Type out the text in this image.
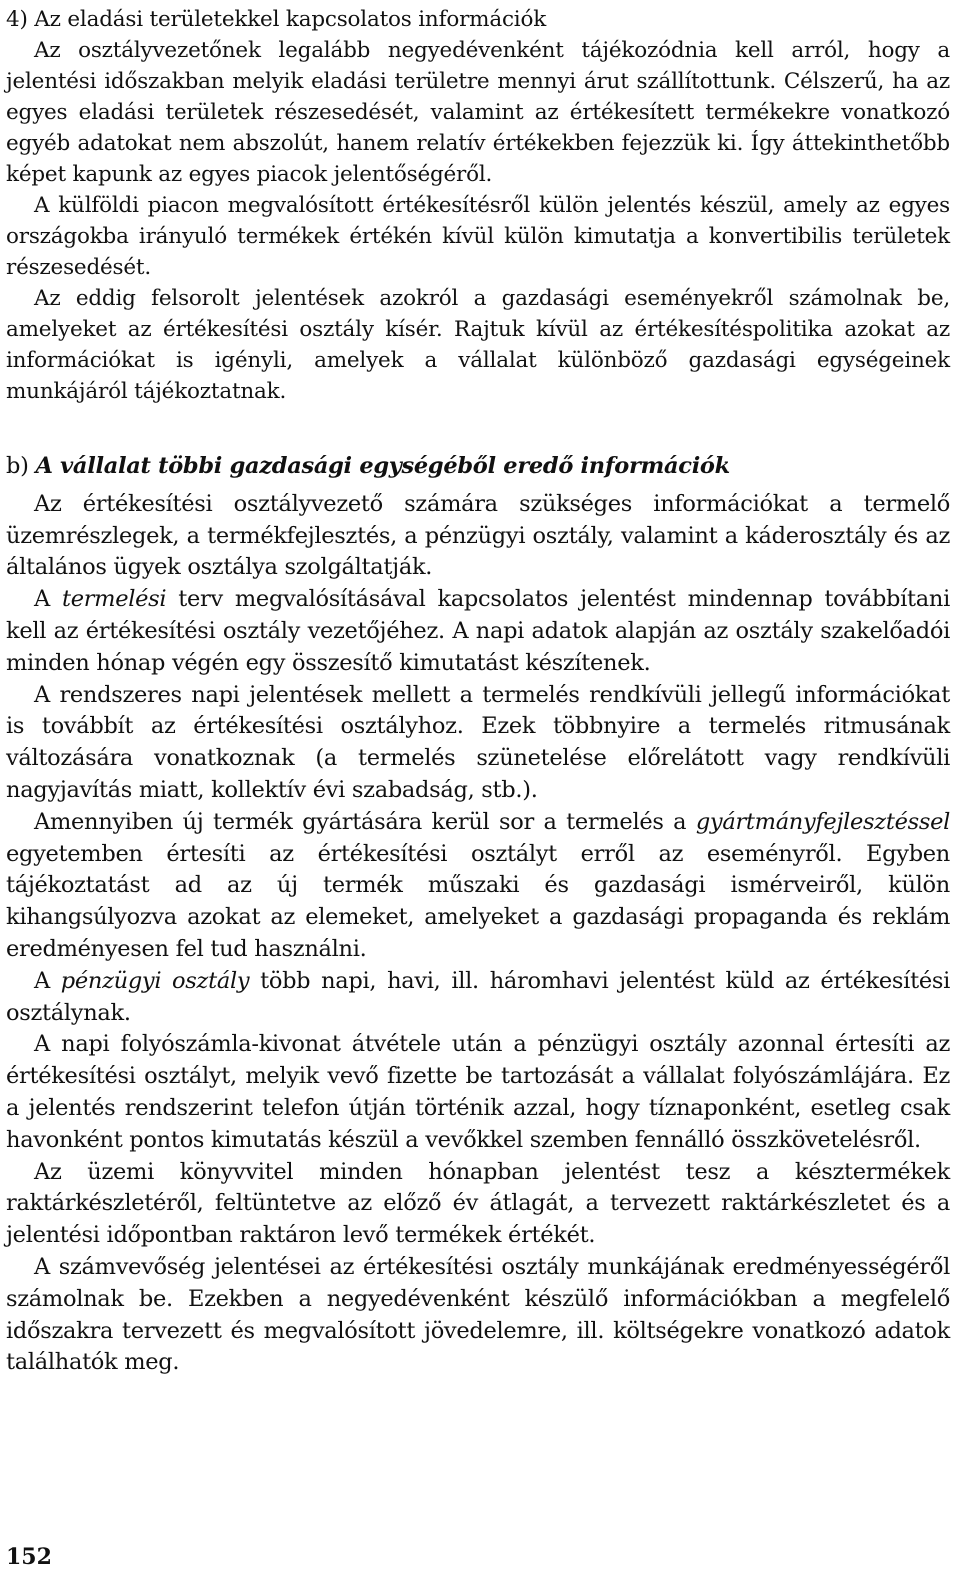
4) Az eladási területekkel kapcsolatos információk

Az osztályvezetőnek legalább negyedévenként tájékozódnia kell arról, hogy a jelentési időszakban melyik eladási területre mennyi árut szállítottunk. Célszerű, ha az egyes eladási területek részesedését, valamint az értékesített termékekre vonatkozó egyéb adatokat nem abszolút, hanem relatív értékekben fejezzük ki. Így áttekinthetőbb képet kapunk az egyes piacok jelentőségéről.

A külföldi piacon megvalósított értékesítésről külön jelentés készül, amely az egyes országokba irányuló termékek értékén kívül külön kimutatja a konvertibilis területek részesedését.

Az eddig felsorolt jelentések azokról a gazdasági eseményekről számolnak be, amelyeket az értékesítési osztály kísér. Rajtuk kívül az értékesítéspolitika azokat az információkat is igényli, amelyek a vállalat különböző gazdasági egységeinek munkájáról tájékoztatnak.

b) A vállalat többi gazdasági egységéből eredő információk

Az értékesítési osztályvezető számára szükséges információkat a termelő üzemrészlegek, a termékfejlesztés, a pénzügyi osztály, valamint a káderosztály és az általános ügyek osztálya szolgáltatják.

A termelési terv megvalósításával kapcsolatos jelentést mindennap továbbítani kell az értékesítési osztály vezetőjéhez. A napi adatok alapján az osztály szakelőadói minden hónap végén egy összesítő kimutatást készítenek.

A rendszeres napi jelentések mellett a termelés rendkívüli jellegű információkat is továbbít az értékesítési osztályhoz. Ezek többnyire a termelés ritmusának változására vonatkoznak (a termelés szünetelése előrelátott vagy rendkívüli nagyjavítás miatt, kollektív évi szabadság, stb.).

Amennyiben új termék gyártására kerül sor a termelés a gyártmányfejlesztéssel egyetemben értesíti az értékesítési osztályt erről az eseményről. Egyben tájékoztatást ad az új termék műszaki és gazdasági ismérveiről, külön kihangsúlyozva azokat az elemeket, amelyeket a gazdasági propaganda és reklám eredményesen fel tud használni.

A pénzügyi osztály több napi, havi, ill. háromhavi jelentést küld az értékesítési osztálynak.

A napi folyószámla-kivonat átvétele után a pénzügyi osztály azonnal értesíti az értékesítési osztályt, melyik vevő fizette be tartozását a vállalat folyószámlájára. Ez a jelentés rendszerint telefon útján történik azzal, hogy tíznaponként, esetleg csak havonként pontos kimutatás készül a vevőkkel szemben fennálló összkövetelésről.

Az üzemi könyvvitel minden hónapban jelentést tesz a késztermékek raktárkészletéről, feltüntetve az előző év átlagát, a tervezett raktárkészletet és a jelentési időpontban raktáron levő termékek értékét.

A számvevőség jelentései az értékesítési osztály munkájának eredményességéről számolnak be. Ezekben a negyedévenként készülő információkban a megfelelő időszakra tervezett és megvalósított jövedelemre, ill. költségekre vonatkozó adatok találhatók meg.

152
